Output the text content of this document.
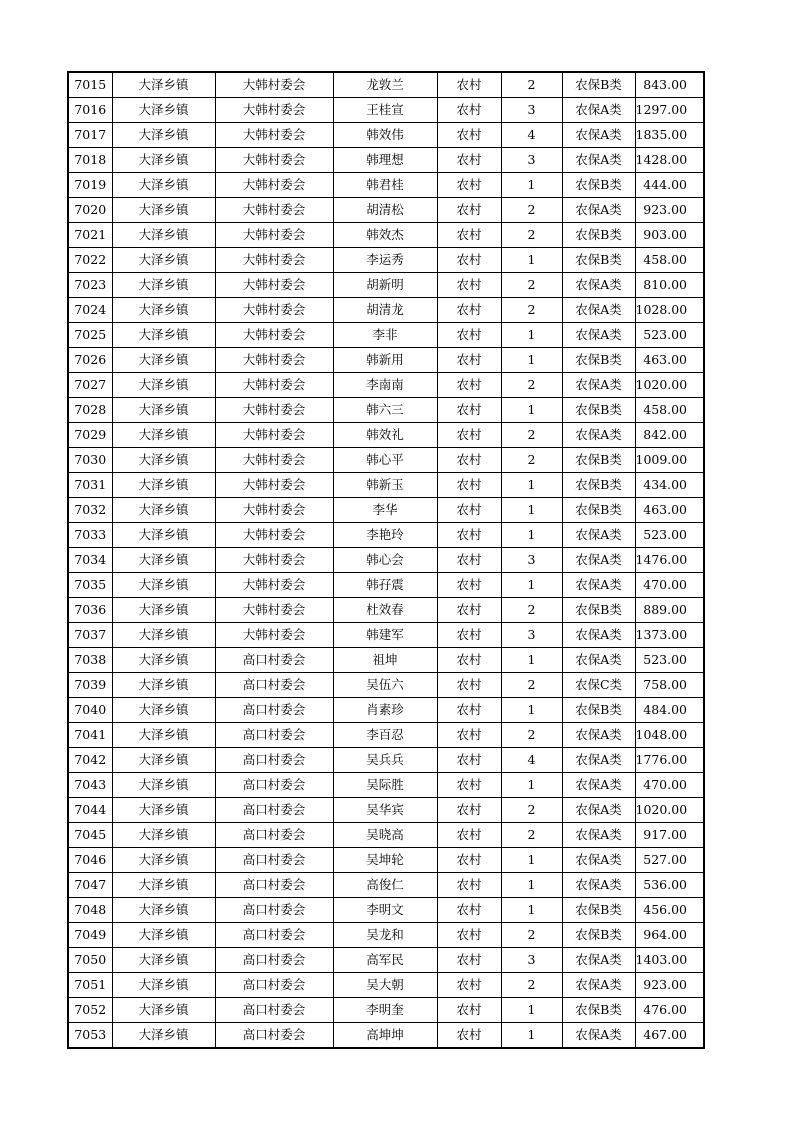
7015	大泽乡镇	大韩村委会	龙敦兰	农村	2	农保B类	843.00
7016	大泽乡镇	大韩村委会	王桂宣	农村	3	农保A类	1297.00
7017	大泽乡镇	大韩村委会	韩效伟	农村	4	农保A类	1835.00
7018	大泽乡镇	大韩村委会	韩理想	农村	3	农保A类	1428.00
7019	大泽乡镇	大韩村委会	韩君桂	农村	1	农保B类	444.00
7020	大泽乡镇	大韩村委会	胡清松	农村	2	农保A类	923.00
7021	大泽乡镇	大韩村委会	韩效杰	农村	2	农保B类	903.00
7022	大泽乡镇	大韩村委会	李运秀	农村	1	农保B类	458.00
7023	大泽乡镇	大韩村委会	胡新明	农村	2	农保A类	810.00
7024	大泽乡镇	大韩村委会	胡清龙	农村	2	农保A类	1028.00
7025	大泽乡镇	大韩村委会	李非	农村	1	农保A类	523.00
7026	大泽乡镇	大韩村委会	韩新用	农村	1	农保B类	463.00
7027	大泽乡镇	大韩村委会	李南南	农村	2	农保A类	1020.00
7028	大泽乡镇	大韩村委会	韩六三	农村	1	农保B类	458.00
7029	大泽乡镇	大韩村委会	韩效礼	农村	2	农保A类	842.00
7030	大泽乡镇	大韩村委会	韩心平	农村	2	农保B类	1009.00
7031	大泽乡镇	大韩村委会	韩新玉	农村	1	农保B类	434.00
7032	大泽乡镇	大韩村委会	李华	农村	1	农保B类	463.00
7033	大泽乡镇	大韩村委会	李艳玲	农村	1	农保A类	523.00
7034	大泽乡镇	大韩村委会	韩心会	农村	3	农保A类	1476.00
7035	大泽乡镇	大韩村委会	韩孖震	农村	1	农保A类	470.00
7036	大泽乡镇	大韩村委会	杜效春	农村	2	农保B类	889.00
7037	大泽乡镇	大韩村委会	韩建军	农村	3	农保A类	1373.00
7038	大泽乡镇	高口村委会	祖坤	农村	1	农保A类	523.00
7039	大泽乡镇	高口村委会	吴伍六	农村	2	农保C类	758.00
7040	大泽乡镇	高口村委会	肖素珍	农村	1	农保B类	484.00
7041	大泽乡镇	高口村委会	李百忍	农村	2	农保A类	1048.00
7042	大泽乡镇	高口村委会	吴兵兵	农村	4	农保A类	1776.00
7043	大泽乡镇	高口村委会	吴际胜	农村	1	农保A类	470.00
7044	大泽乡镇	高口村委会	吴华宾	农村	2	农保A类	1020.00
7045	大泽乡镇	高口村委会	吴晓高	农村	2	农保A类	917.00
7046	大泽乡镇	高口村委会	吴坤轮	农村	1	农保A类	527.00
7047	大泽乡镇	高口村委会	高俊仁	农村	1	农保A类	536.00
7048	大泽乡镇	高口村委会	李明文	农村	1	农保B类	456.00
7049	大泽乡镇	高口村委会	吴龙和	农村	2	农保B类	964.00
7050	大泽乡镇	高口村委会	高军民	农村	3	农保A类	1403.00
7051	大泽乡镇	高口村委会	吴大朝	农村	2	农保A类	923.00
7052	大泽乡镇	高口村委会	李明奎	农村	1	农保B类	476.00
7053	大泽乡镇	高口村委会	高坤坤	农村	1	农保A类	467.00
